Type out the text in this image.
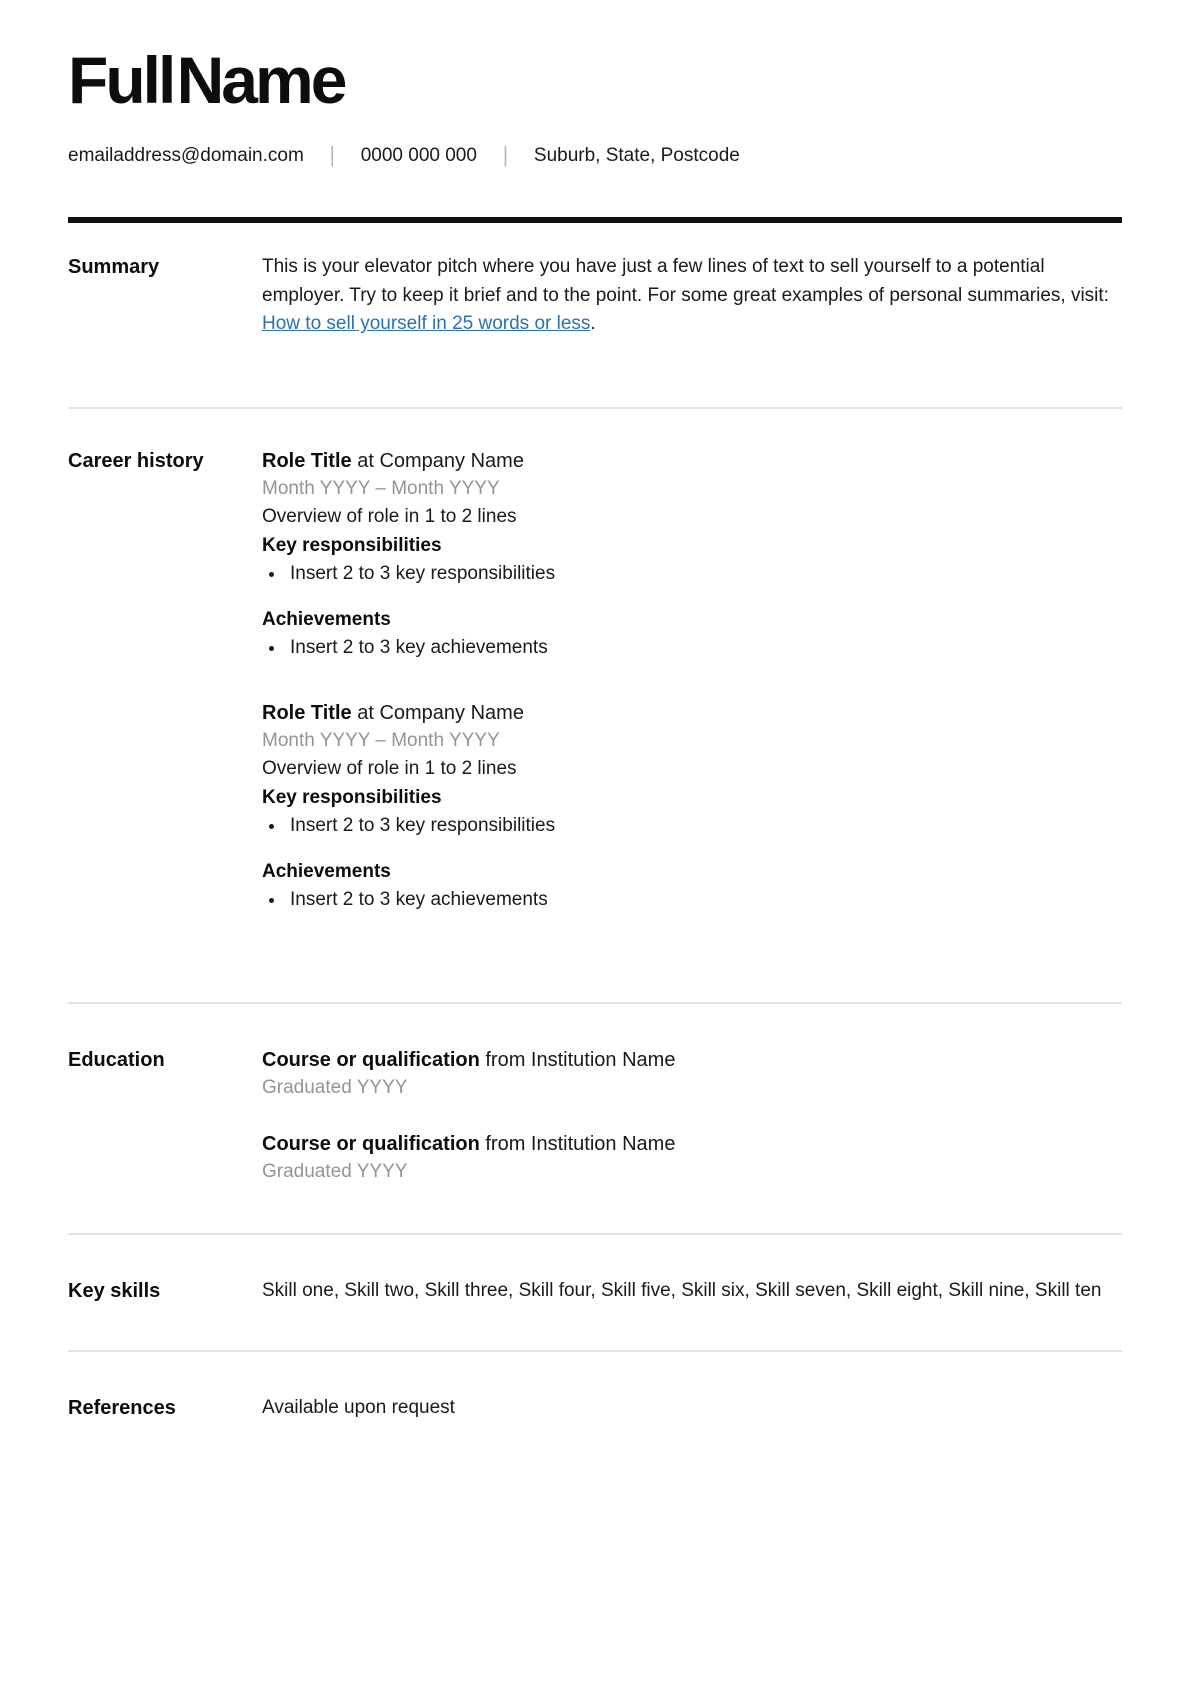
Full Name
emailaddress@domain.com | 0000 000 000 | Suburb, State, Postcode
Summary	This is your elevator pitch where you have just a few lines of text to sell yourself to a potential employer. Try to keep it brief and to the point. For some great examples of personal summaries, visit: How to sell yourself in 25 words or less.

Career history	Role Title at Company Name

Month YYYY – Month YYYY

Overview of role in 1 to 2 lines

Key responsibilities

• Insert 2 to 3 key responsibilities

Achievements

• Insert 2 to 3 key achievements

Role Title at Company Name

Month YYYY – Month YYYY

Overview of role in 1 to 2 lines

Key responsibilities

• Insert 2 to 3 key responsibilities

Achievements

• Insert 2 to 3 key achievements
Education	Course or qualification from Institution Name

Graduated YYYY

Course or qualification from Institution Name

Graduated YYYY

Key skills	Skill one, Skill two, Skill three, Skill four, Skill five, Skill six, Skill seven, Skill eight, Skill nine, Skill ten

References	Available upon request
